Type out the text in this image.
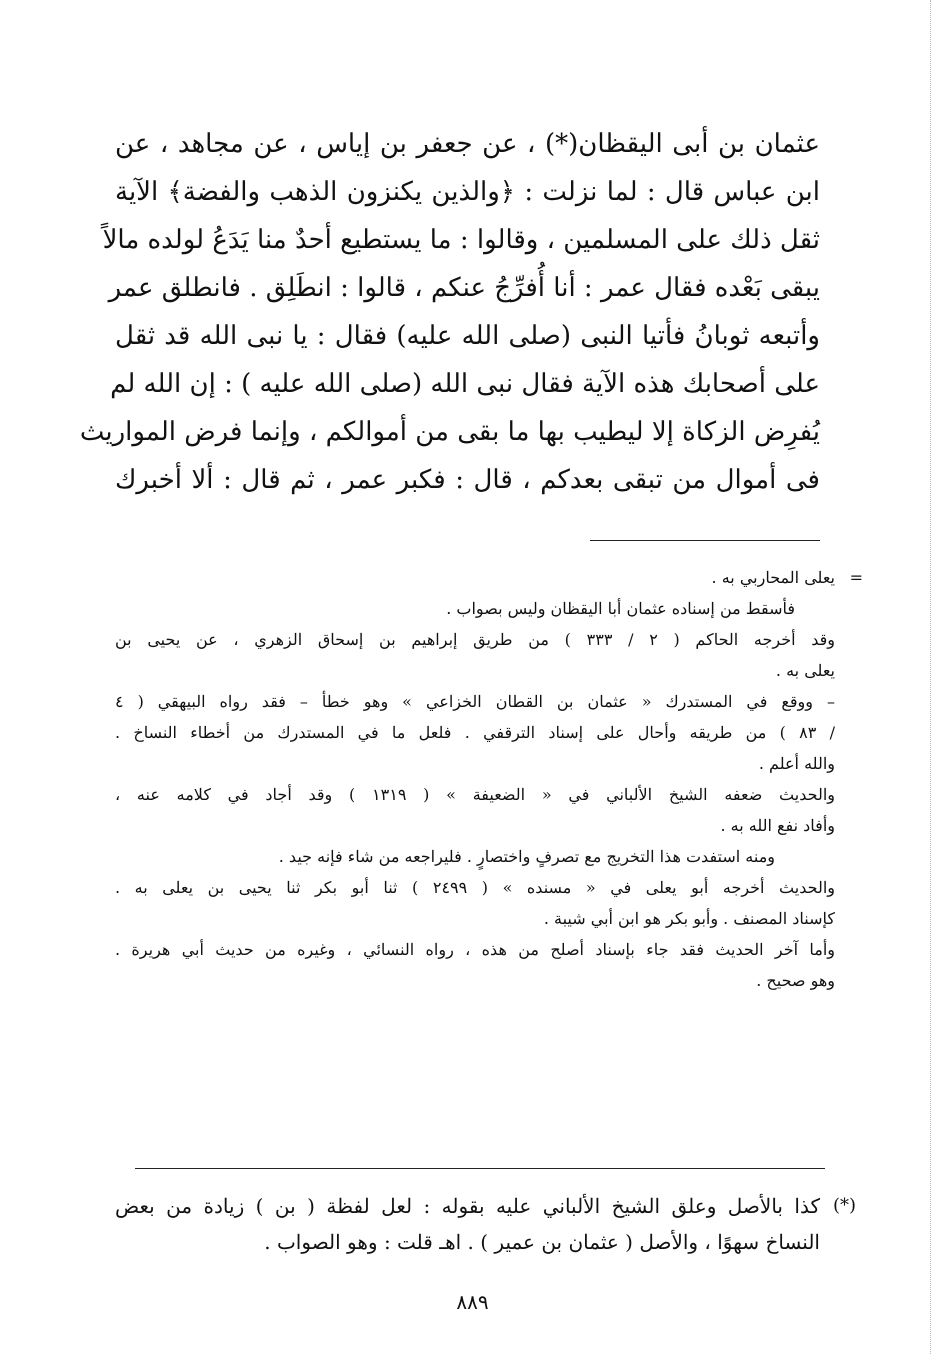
عثمان بن أبى اليقظان(*) ، عن جعفر بن إياس ، عن مجاهد ، عن
ابن عباس قال : لما نزلت : ﴿والذين يكنزون الذهب والفضة﴾ الآية
ثقل ذلك على المسلمين ، وقالوا : ما يستطيع أحدٌ منا يَدَعُ لولده مالاً
يبقى بَعْده فقال عمر : أنا أُفرِّجُ عنكم ، قالوا : انطَلِق . فانطلق عمر
وأتبعه ثوبانُ فأتيا النبى (صلى الله عليه) فقال : يا نبى الله قد ثقل
على أصحابك هذه الآية فقال نبى الله (صلى الله عليه ) : إن الله لم
يُفرِض الزكاة إلا ليطيب بها ما بقى من أموالكم ، وإنما فرض المواريث
فى أموال من تبقى بعدكم ، قال : فكبر عمر ، ثم قال : ألا أخبرك
=
يعلى المحاربي به .
فأسقط من إسناده عثمان أبا اليقظان وليس بصواب .
وقد أخرجه الحاكم ( ٢ / ٣٣٣ ) من طريق إبراهيم بن إسحاق الزهري ، عن يحيى بن
يعلى به .
– ووقع في المستدرك « عثمان بن القطان الخزاعي » وهو خطأ – فقد رواه البيهقي ( ٤
/ ٨٣ ) من طريقه وأحال على إسناد الترقفي . فلعل ما في المستدرك من أخطاء النساخ .
والله أعلم .
والحديث ضعفه الشيخ الألباني في « الضعيفة » ( ١٣١٩ ) وقد أجاد في كلامه عنه ،
وأفاد نفع الله به .
ومنه استفدت هذا التخريج مع تصرفٍ واختصارٍ . فليراجعه من شاء فإنه جيد .
والحديث أخرجه أبو يعلى في « مسنده » ( ٢٤٩٩ ) ثنا أبو بكر ثنا يحيى بن يعلى به .
كإسناد المصنف . وأبو بكر هو ابن أبي شيبة .
وأما آخر الحديث فقد جاء بإسناد أصلح من هذه ، رواه النسائي ، وغيره من حديث أبي هريرة .
وهو صحيح .
(*)
كذا بالأصل وعلق الشيخ الألباني عليه بقوله : لعل لفظة ( بن ) زيادة من بعض
النساخ سهوًا ، والأصل ( عثمان بن عمير ) . اهـ قلت : وهو الصواب .
٨٨٩
